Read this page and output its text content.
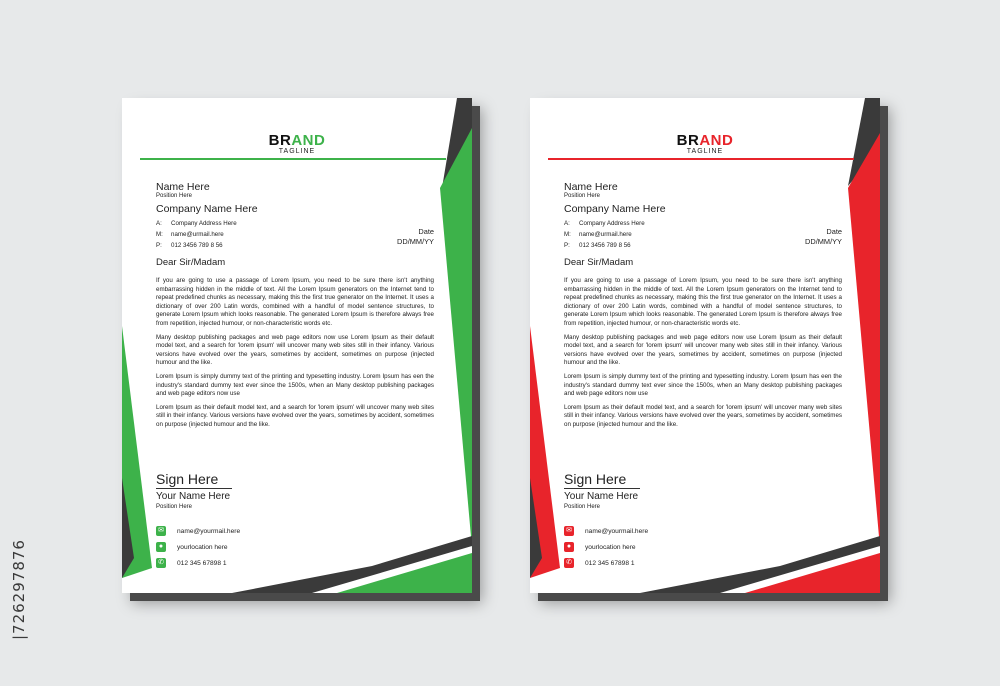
|726297876
BRAND
TAGLINE
Name Here
Position Here
Company Name Here
A:	Company Address Here
M:	name@urmail.here
P:	012 3456 789 8 56
Date
DD/MM/YY
Dear Sir/Madam

If you are going to use a passage of Lorem Ipsum, you need to be sure there isn't anything embarrassing hidden in the middle of text. All the Lorem Ipsum generators on the Internet tend to repeat predefined chunks as necessary, making this the first true generator on the Internet. It uses a dictionary of over 200 Latin words, combined with a handful of model sentence structures, to generate Lorem Ipsum which looks reasonable. The generated Lorem Ipsum is therefore always free from repetition, injected humour, or non-characteristic words etc.

Many desktop publishing packages and web page editors now use Lorem Ipsum as their default model text, and a search for 'lorem ipsum' will uncover many web sites still in their infancy. Various versions have evolved over the years, sometimes by accident, sometimes on purpose (injected humour and the like.

Lorem Ipsum is simply dummy text of the printing and typesetting industry. Lorem Ipsum has een the industry's standard dummy text ever since the 1500s, when an Many desktop publishing packages and web page editors now use

Lorem Ipsum as their default model text, and a search for 'lorem ipsum' will uncover many web sites still in their infancy. Various versions have evolved over the years, sometimes by accident, sometimes on purpose (injected humour and the like.

Sign Here
Your Name Here
Position Here
✉	name@yourmail.here
●	yourlocation here
✆	012 345 67898 1
BRAND
TAGLINE
Name Here
Position Here
Company Name Here
A:	Company Address Here
M:	name@urmail.here
P:	012 3456 789 8 56
Date
DD/MM/YY
Dear Sir/Madam

If you are going to use a passage of Lorem Ipsum, you need to be sure there isn't anything embarrassing hidden in the middle of text. All the Lorem Ipsum generators on the Internet tend to repeat predefined chunks as necessary, making this the first true generator on the Internet. It uses a dictionary of over 200 Latin words, combined with a handful of model sentence structures, to generate Lorem Ipsum which looks reasonable. The generated Lorem Ipsum is therefore always free from repetition, injected humour, or non-characteristic words etc.

Many desktop publishing packages and web page editors now use Lorem Ipsum as their default model text, and a search for 'lorem ipsum' will uncover many web sites still in their infancy. Various versions have evolved over the years, sometimes by accident, sometimes on purpose (injected humour and the like.

Lorem Ipsum is simply dummy text of the printing and typesetting industry. Lorem Ipsum has een the industry's standard dummy text ever since the 1500s, when an Many desktop publishing packages and web page editors now use

Lorem Ipsum as their default model text, and a search for 'lorem ipsum' will uncover many web sites still in their infancy. Various versions have evolved over the years, sometimes by accident, sometimes on purpose (injected humour and the like.

Sign Here
Your Name Here
Position Here
✉	name@yourmail.here
●	yourlocation here
✆	012 345 67898 1
